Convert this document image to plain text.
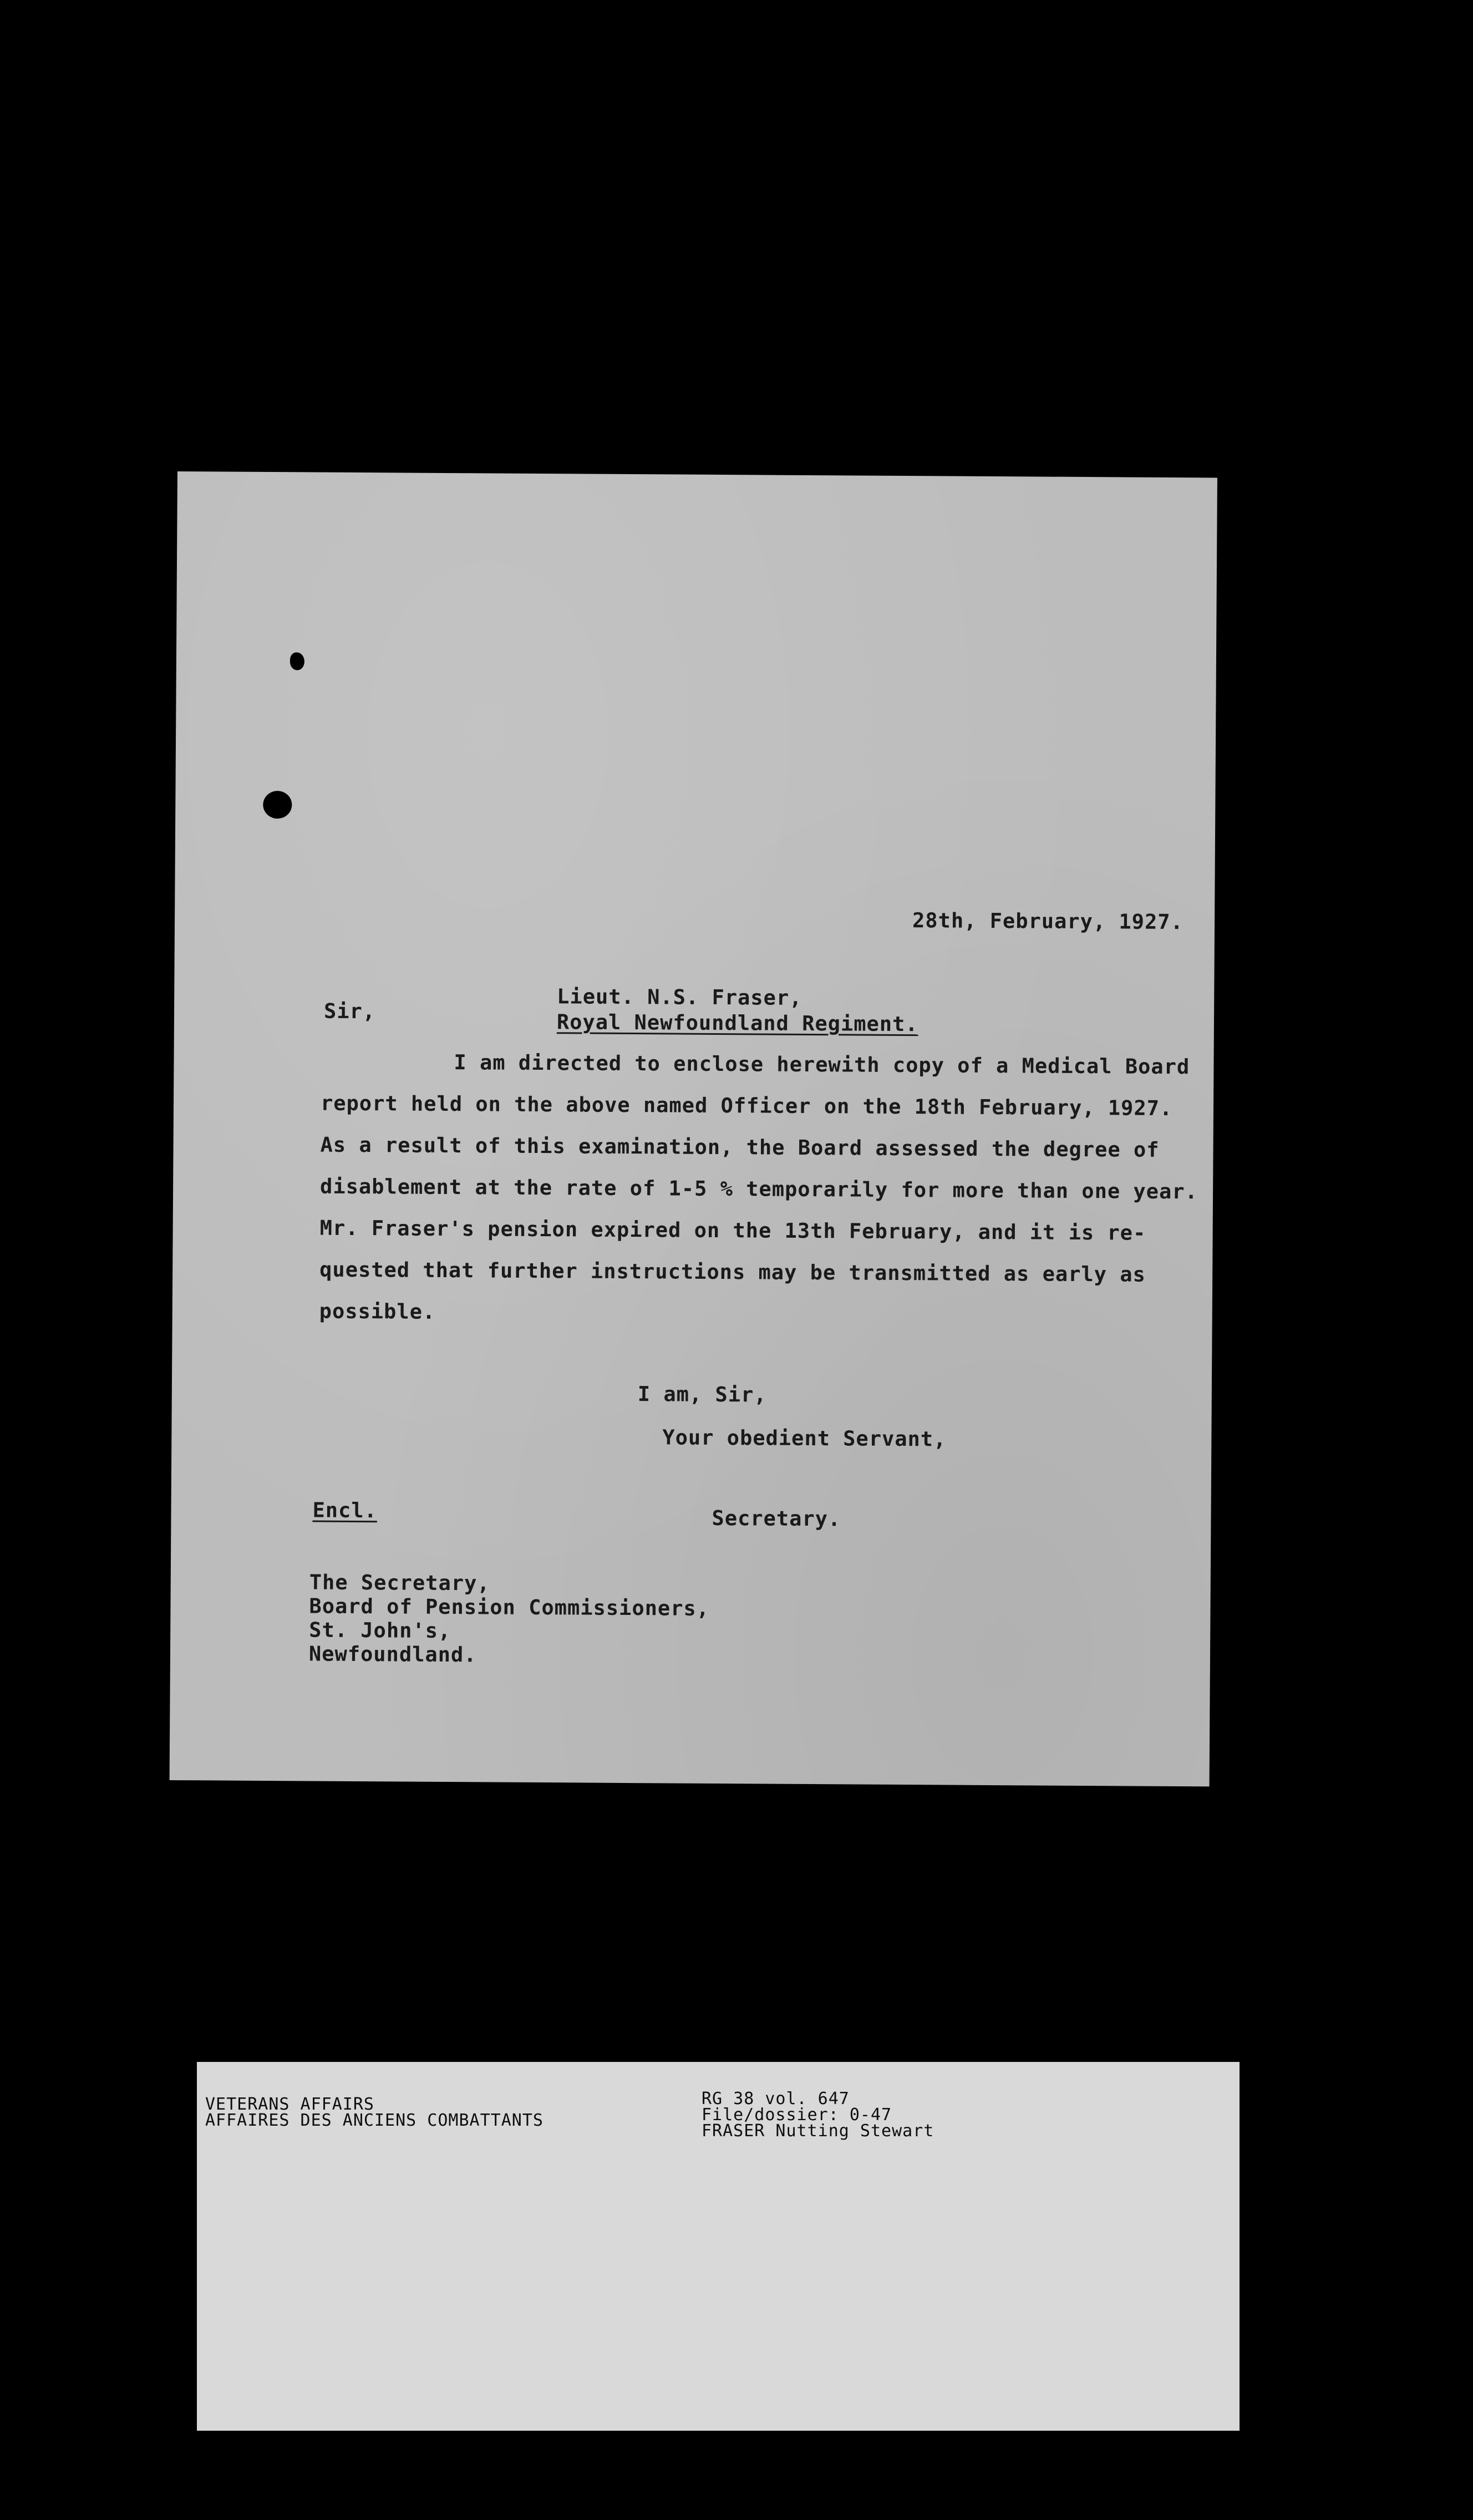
28th, February, 1927.
Lieut. N.S. Fraser,
Royal Newfoundland Regiment.
Sir,
I am directed to enclose herewith copy of a Medical Board
report held on the above named Officer on the 18th February, 1927.
As a result of this examination, the Board assessed the degree of
disablement at the rate of 1-5 % temporarily for more than one year.
Mr. Fraser's pension expired on the 13th February, and it is re-
quested that further instructions may be transmitted as early as
possible.
I am, Sir,
Your obedient Servant,
Encl.	Secretary.
The Secretary,
Board of Pension Commissioners,
St. John's,
Newfoundland.
VETERANS AFFAIRS
AFFAIRES DES ANCIENS COMBATTANTS
RG 38 vol. 647
File/dossier: 0-47
FRASER Nutting Stewart
